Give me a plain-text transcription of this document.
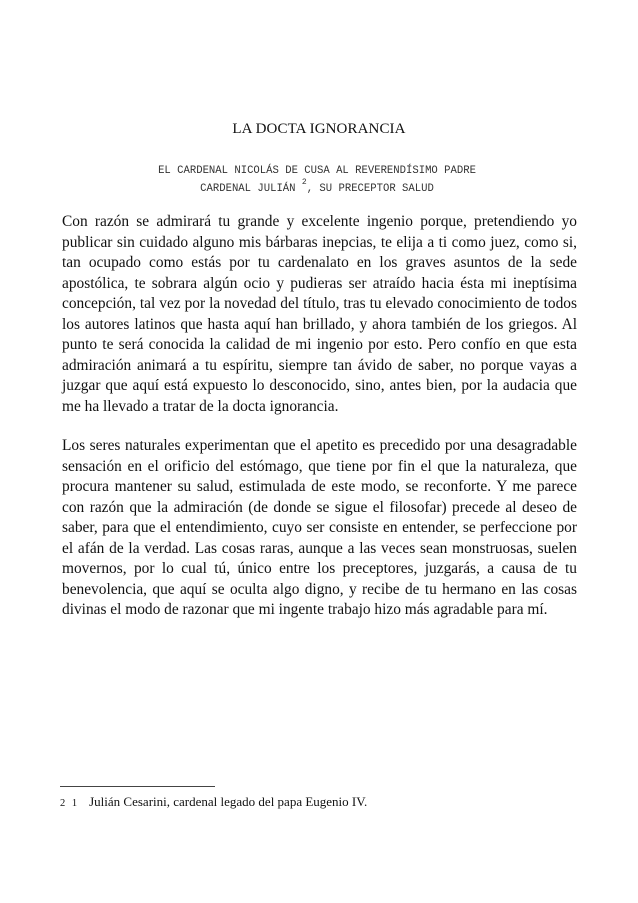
LA DOCTA IGNORANCIA
EL CARDENAL NICOLÁS DE CUSA AL REVERENDÍSIMO PADRE
CARDENAL JULIÁN $^2$, SU PRECEPTOR SALUD

Con razón se admirará tu grande y excelente ingenio porque, pretendiendo yo publicar sin cuidado alguno mis bárbaras inepcias, te elija a ti como juez, como si, tan ocupado como estás por tu cardenalato en los graves asuntos de la sede apostólica, te sobrara algún ocio y pudieras ser atraído hacia ésta mi ineptísima concepción, tal vez por la novedad del título, tras tu elevado conocimiento de todos los autores latinos que hasta aquí han brillado, y ahora también de los griegos. Al punto te será conocida la calidad de mi ingenio por esto. Pero confío en que esta admiración animará a tu espíritu, siempre tan ávido de saber, no porque vayas a juzgar que aquí está expuesto lo desconocido, sino, antes bien, por la audacia que me ha llevado a tratar de la docta ignorancia.

Los seres naturales experimentan que el apetito es precedido por una desagradable sensación en el orificio del estómago, que tiene por fin el que la naturaleza, que procura mantener su salud, estimulada de este modo, se reconforte. Y me parece con razón que la admiración (de donde se sigue el filosofar) precede al deseo de saber, para que el entendimiento, cuyo ser consiste en entender, se perfeccione por el afán de la verdad. Las cosas raras, aunque a las veces sean monstruosas, suelen movernos, por lo cual tú, único entre los preceptores, juzgarás, a causa de tu benevolencia, que aquí se oculta algo digno, y recibe de tu hermano en las cosas divinas el modo de razonar que mi ingente trabajo hizo más agradable para mí.

2 1 Julián Cesarini, cardenal legado del papa Eugenio IV.
